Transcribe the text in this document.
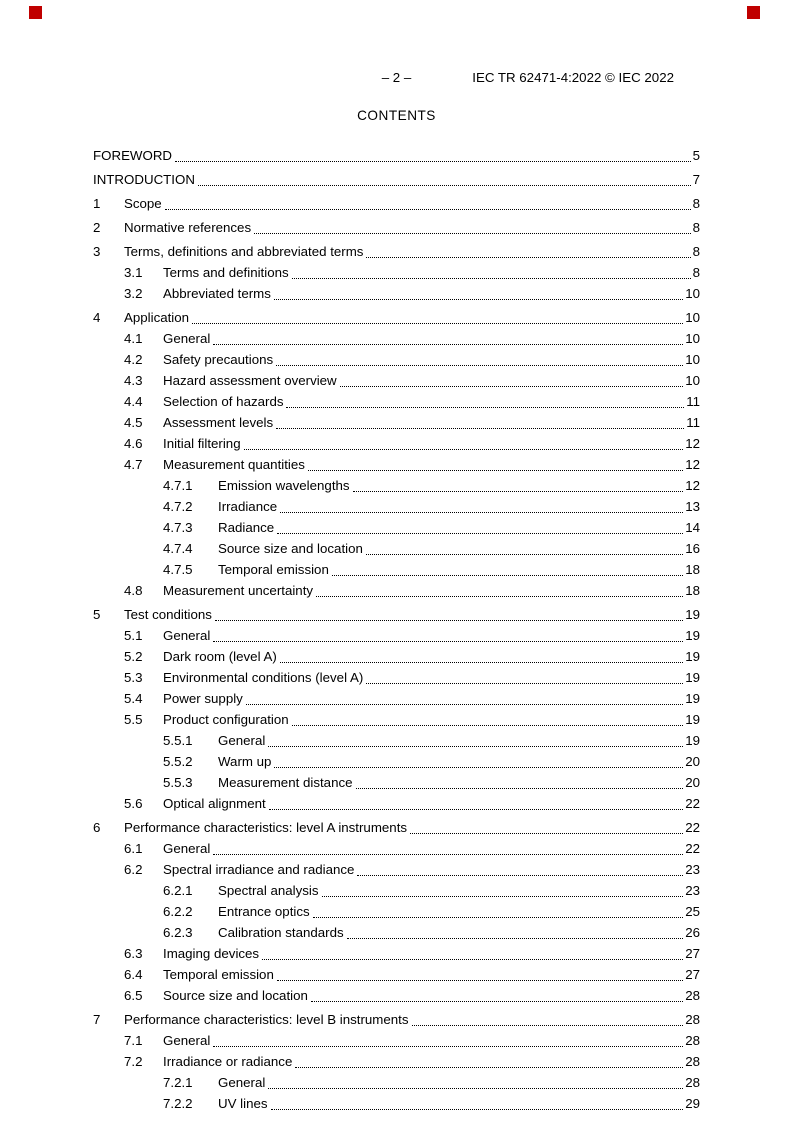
– 2 –	IEC TR 62471-4:2022 © IEC 2022
CONTENTS
FOREWORD	5
INTRODUCTION	7
1	Scope	8
2	Normative references	8
3	Terms, definitions and abbreviated terms	8
3.1	Terms and definitions	8
3.2	Abbreviated terms	10
4	Application	10
4.1	General	10
4.2	Safety precautions	10
4.3	Hazard assessment overview	10
4.4	Selection of hazards	11
4.5	Assessment levels	11
4.6	Initial filtering	12
4.7	Measurement quantities	12
4.7.1	Emission wavelengths	12
4.7.2	Irradiance	13
4.7.3	Radiance	14
4.7.4	Source size and location	16
4.7.5	Temporal emission	18
4.8	Measurement uncertainty	18
5	Test conditions	19
5.1	General	19
5.2	Dark room (level A)	19
5.3	Environmental conditions (level A)	19
5.4	Power supply	19
5.5	Product configuration	19
5.5.1	General	19
5.5.2	Warm up	20
5.5.3	Measurement distance	20
5.6	Optical alignment	22
6	Performance characteristics: level A instruments	22
6.1	General	22
6.2	Spectral irradiance and radiance	23
6.2.1	Spectral analysis	23
6.2.2	Entrance optics	25
6.2.3	Calibration standards	26
6.3	Imaging devices	27
6.4	Temporal emission	27
6.5	Source size and location	28
7	Performance characteristics: level B instruments	28
7.1	General	28
7.2	Irradiance or radiance	28
7.2.1	General	28
7.2.2	UV lines	29
